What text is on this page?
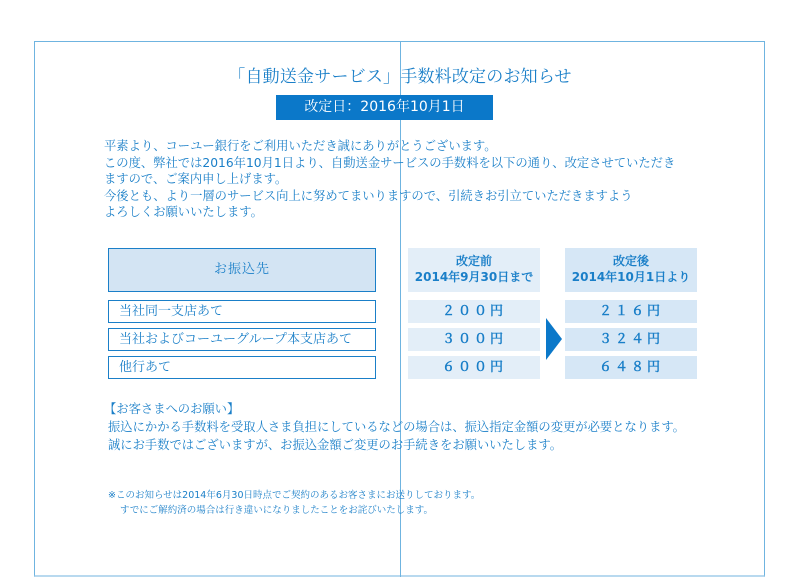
「自動送金サービス」手数料改定のお知らせ
改定日：2016年10月1日

平素より、コーユー銀行をご利用いただき誠にありがとうございます。

この度、弊社では2016年10月1日より、自動送金サービスの手数料を以下の通り、改定させていただき

ますので、ご案内申し上げます。

今後とも、より一層のサービス向上に努めてまいりますので、引続きお引立ていただきますよう

よろしくお願いいたします。

お振込先
当社同一支店あて
当社およびコーユーグループ本支店あて
他行あて
改定前
2014年9月30日まで
２００円
３００円
６００円
改定後
2014年10月1日より
２１６円
３２４円
６４８円

【お客さまへのお願い】

振込にかかる手数料を受取人さま負担にしているなどの場合は、振込指定金額の変更が必要となります。

誠にお手数ではございますが、お振込金額ご変更のお手続きをお願いいたします。

※このお知らせは2014年6月30日時点でご契約のあるお客さまにお送りしております。

すでにご解約済の場合は行き違いになりましたことをお詫びいたします。
